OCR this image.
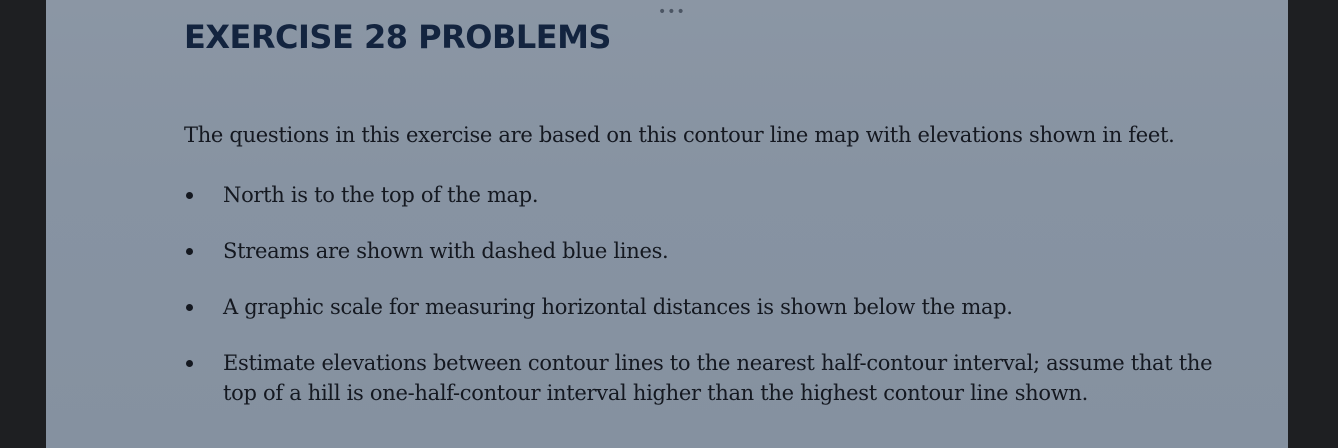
•••
EXERCISE 28 PROBLEMS

The questions in this exercise are based on this contour line map with elevations shown in feet.

North is to the top of the map.
Streams are shown with dashed blue lines.
A graphic scale for measuring horizontal distances is shown below the map.
Estimate elevations between contour lines to the nearest half-contour interval; assume that the top of a hill is one-half-contour interval higher than the highest contour line shown.
